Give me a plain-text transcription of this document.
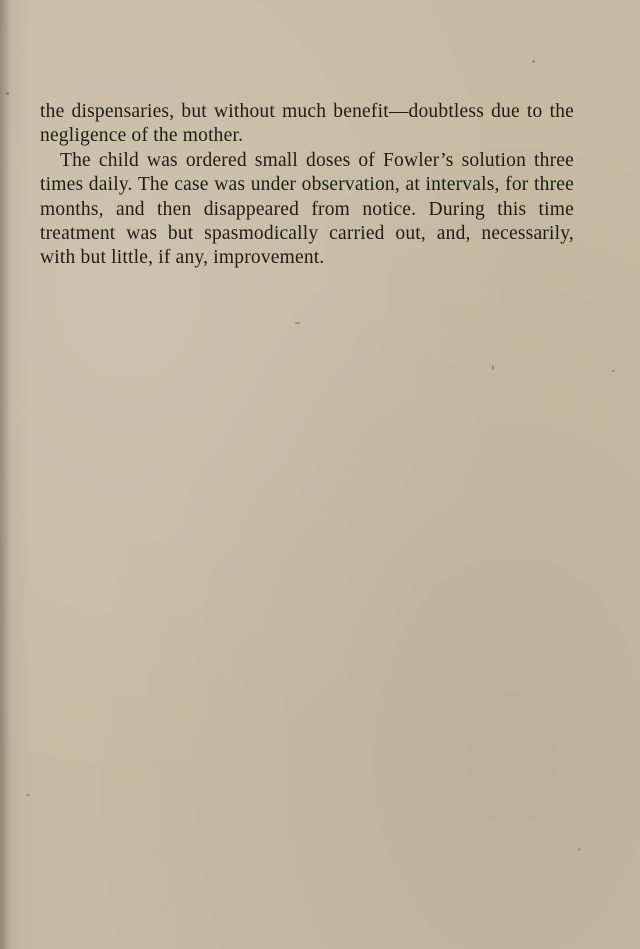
the dispensaries, but without much benefit—doubtless due to the negligence of the mother.

The child was ordered small doses of Fowler’s solution three times daily. The case was under observation, at intervals, for three months, and then disappeared from notice. During this time treatment was but spasmodically carried out, and, necessarily, with but little, if any, improvement.
